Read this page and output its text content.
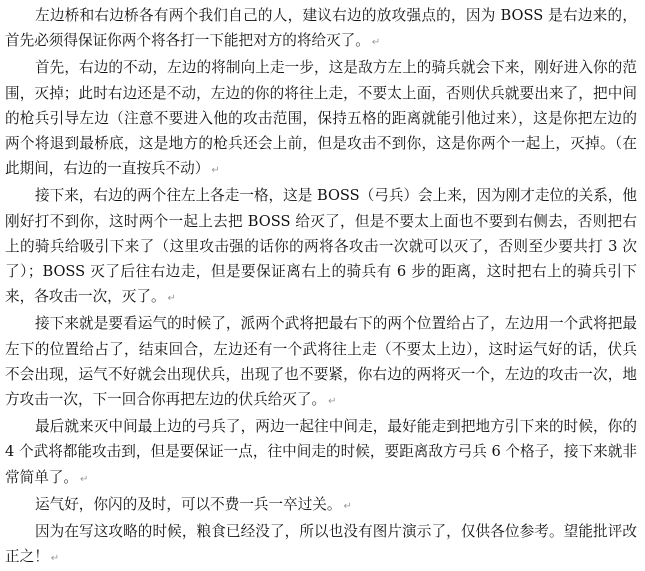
左边桥和右边桥各有两个我们自己的人，建议右边的放攻强点的，因为 BOSS 是右边来的，首先必须得保证你两个将各打一下能把对方的将给灭了。 ↵

首先，右边的不动，左边的将制向上走一步，这是敌方左上的骑兵就会下来，刚好进入你的范围，灭掉；此时右边还是不动，左边的你的将往上走，不要太上面，否则伏兵就要出来了，把中间的枪兵引导左边（注意不要进入他的攻击范围，保持五格的距离就能引他过来），这是你把左边的两个将退到最桥底，这是地方的枪兵还会上前，但是攻击不到你，这是你两个一起上，灭掉。（在此期间，右边的一直按兵不动） ↵

接下来，右边的两个往左上各走一格，这是 BOSS（弓兵）会上来，因为刚才走位的关系，他刚好打不到你，这时两个一起上去把 BOSS 给灭了，但是不要太上面也不要到右侧去，否则把右上的骑兵给吸引下来了（这里攻击强的话你的两将各攻击一次就可以灭了，否则至少要共打 3 次了）；BOSS 灭了后往右边走，但是要保证离右上的骑兵有 6 步的距离，这时把右上的骑兵引下来，各攻击一次，灭了。 ↵

接下来就是要看运气的时候了，派两个武将把最右下的两个位置给占了，左边用一个武将把最左下的位置给占了，结束回合，左边还有一个武将往上走（不要太上边），这时运气好的话，伏兵不会出现，运气不好就会出现伏兵，出现了也不要紧，你右边的两将灭一个，左边的攻击一次，地方攻击一次，下一回合你再把左边的伏兵给灭了。 ↵

最后就来灭中间最上边的弓兵了，两边一起往中间走，最好能走到把地方引下来的时候，你的 4 个武将都能攻击到，但是要保证一点，往中间走的时候，要距离敌方弓兵 6 个格子，接下来就非常简单了。 ↵

运气好，你闪的及时，可以不费一兵一卒过关。 ↵

因为在写这攻略的时候，粮食已经没了，所以也没有图片演示了，仅供各位参考。望能批评改正之！ ↵
